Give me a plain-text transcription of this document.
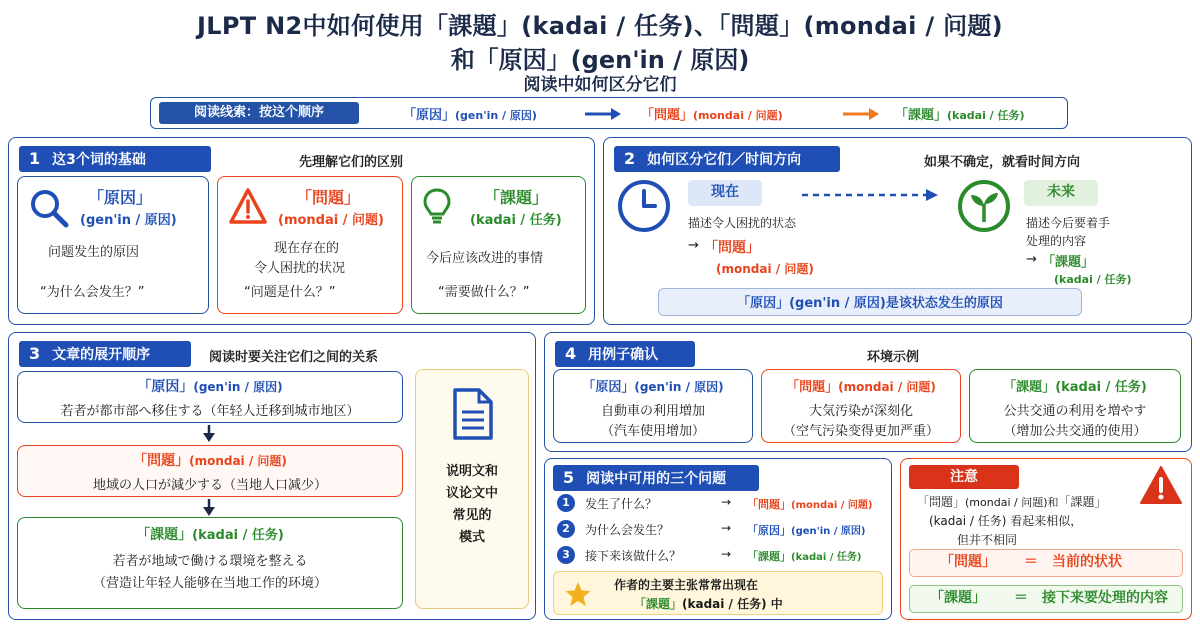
JLPT N2中如何使用「課題」(kadai / 任务)、「問題」(mondai / 问题)
和「原因」(gen'in / 原因)
阅读中如何区分它们
阅读线索：按这个顺序	「原因」(gen'in / 原因)	「問題」(mondai / 问题)	「課題」(kadai / 任务)
1 这3个词的基础	先理解它们的区别
「原因」
(gen'in / 原因)
问题发生的原因
“为什么会发生？”
「問題」
(mondai / 问题)
现在存在的
令人困扰的状况
“问题是什么？”
「課題」
(kadai / 任务)
今后应该改进的事情
“需要做什么？”
2 如何区分它们／时间方向	如果不确定，就看时间方向
现在
描述令人困扰的状态
→ 「問題」
(mondai / 问题)
未来
描述今后要着手
处理的内容
→ 「課題」
(kadai / 任务)
「原因」(gen'in / 原因)是该状态发生的原因
3 文章的展开顺序	阅读时要关注它们之间的关系
「原因」(gen'in / 原因)
若者が都市部へ移住する（年轻人迁移到城市地区）
「問題」(mondai / 问题)
地域の人口が減少する（当地人口减少）
「課題」(kadai / 任务)
若者が地域で働ける環境を整える
（营造让年轻人能够在当地工作的环境）
说明文和
议论文中
常见的
模式
4 用例子确认	环境示例
「原因」(gen'in / 原因)
自動車の利用増加
（汽车使用增加）
「問題」(mondai / 问题)
大気汚染が深刻化
（空气污染变得更加严重）
「課題」(kadai / 任务)
公共交通の利用を増やす
（增加公共交通的使用）
5 阅读中可用的三个问题
1	发生了什么？	→ 「問題」(mondai / 问题)
2	为什么会发生？	→ 「原因」(gen'in / 原因)
3	接下来该做什么？	→ 「課題」(kadai / 任务)
作者的主要主张常常出现在
「課題」(kadai / 任务) 中
注意
「問題」(mondai / 问题)和「課題」
(kadai / 任务) 看起来相似，
但并不相同
「問題」 ＝　当前的状状
「課題」 ＝　接下来要处理的内容
